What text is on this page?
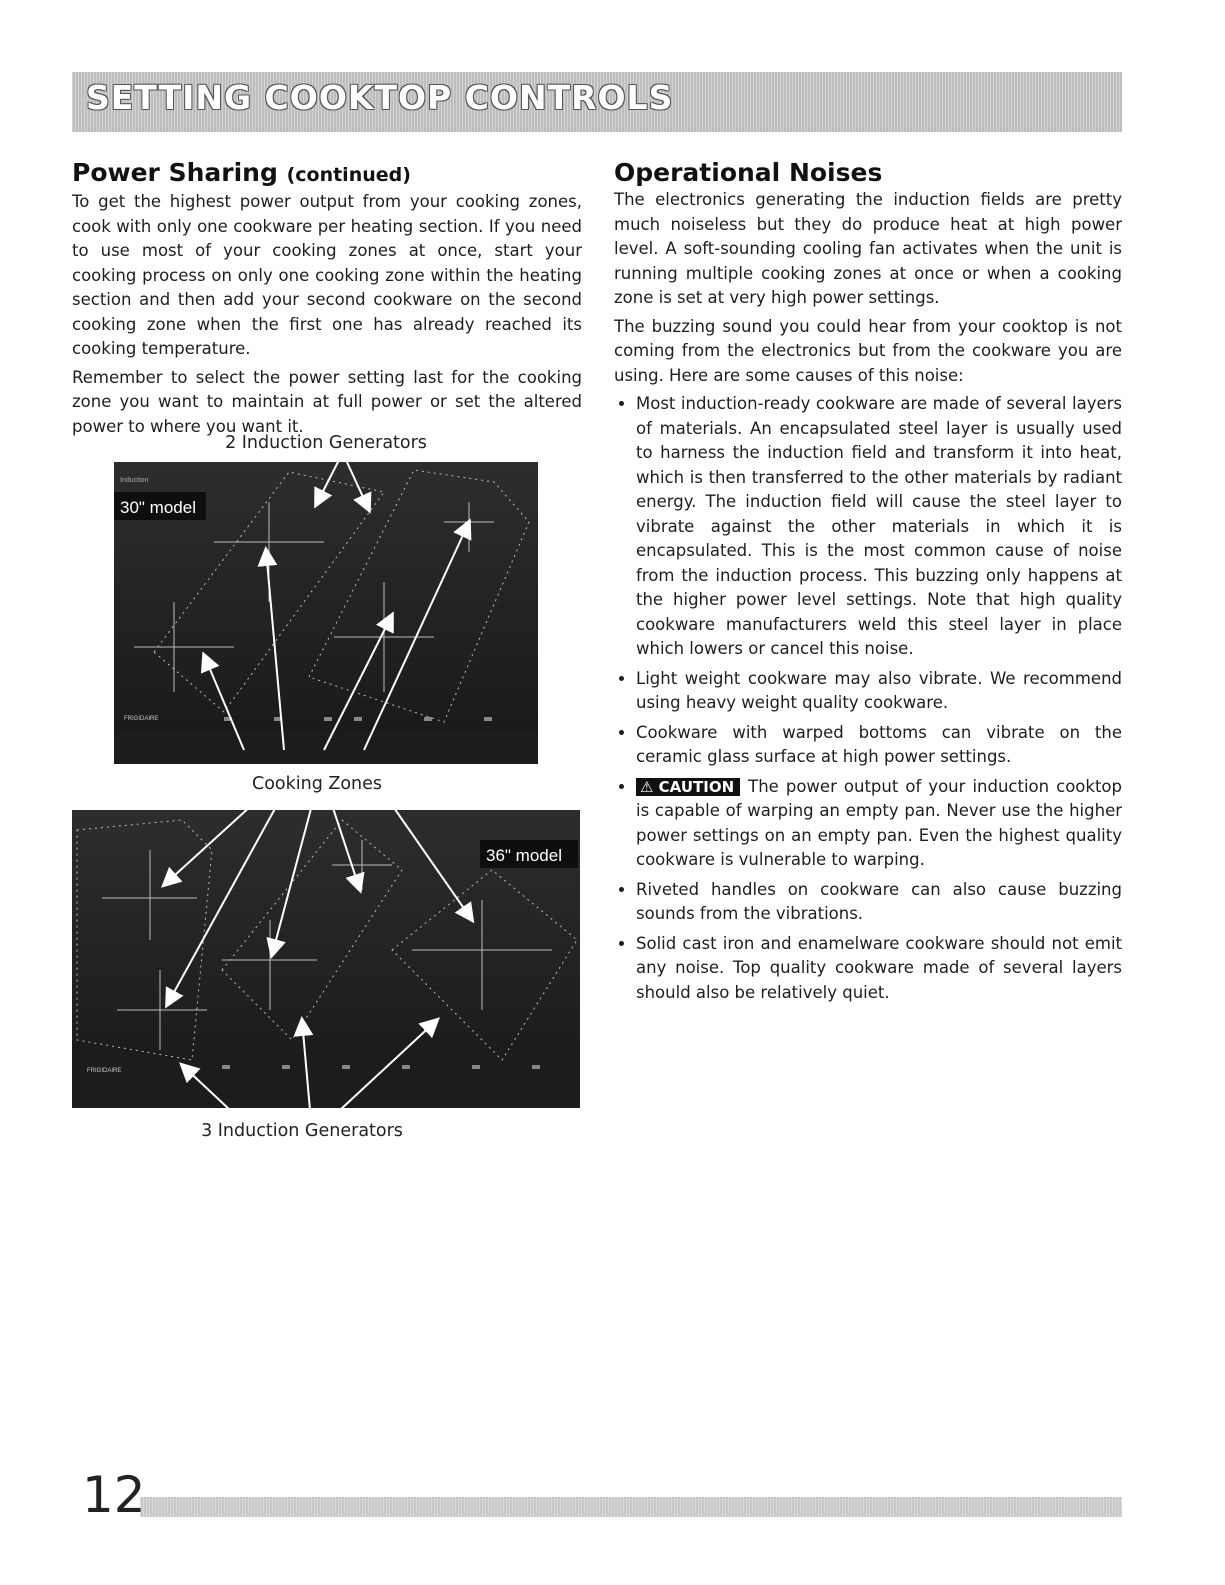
SETTING COOKTOP CONTROLS
Power Sharing (continued)

To get the highest power output from your cooking zones, cook with only one cookware per heating section. If you need to use most of your cooking zones at once, start your cooking process on only one cooking zone within the heating section and then add your second cookware on the second cooking zone when the first one has already reached its cooking temperature.

Remember to select the power setting last for the cooking zone you want to maintain at full power or set the altered power to where you want it.

2 Induction Generators
30" model
Induction
FRIGIDAIRE
Cooking Zones
36" model
FRIGIDAIRE
3 Induction Generators
Operational Noises

The electronics generating the induction fields are pretty much noiseless but they do produce heat at high power level. A soft-sounding cooling fan activates when the unit is running multiple cooking zones at once or when a cooking zone is set at very high power settings.

The buzzing sound you could hear from your cooktop is not coming from the electronics but from the cookware you are using. Here are some causes of this noise:

• Most induction-ready cookware are made of several layers of materials. An encapsulated steel layer is usually used to harness the induction field and transform it into heat, which is then transferred to the other materials by radiant energy. The induction field will cause the steel layer to vibrate against the other materials in which it is encapsulated. This is the most common cause of noise from the induction process. This buzzing only happens at the higher power level settings. Note that high quality cookware manufacturers weld this steel layer in place which lowers or cancel this noise.
• Light weight cookware may also vibrate. We recommend using heavy weight quality cookware.
• Cookware with warped bottoms can vibrate on the ceramic glass surface at high power settings.
• ⚠ CAUTION The power output of your induction cooktop is capable of warping an empty pan. Never use the higher power settings on an empty pan. Even the highest quality cookware is vulnerable to warping.
• Riveted handles on cookware can also cause buzzing sounds from the vibrations.
• Solid cast iron and enamelware cookware should not emit any noise. Top quality cookware made of several layers should also be relatively quiet.
12
